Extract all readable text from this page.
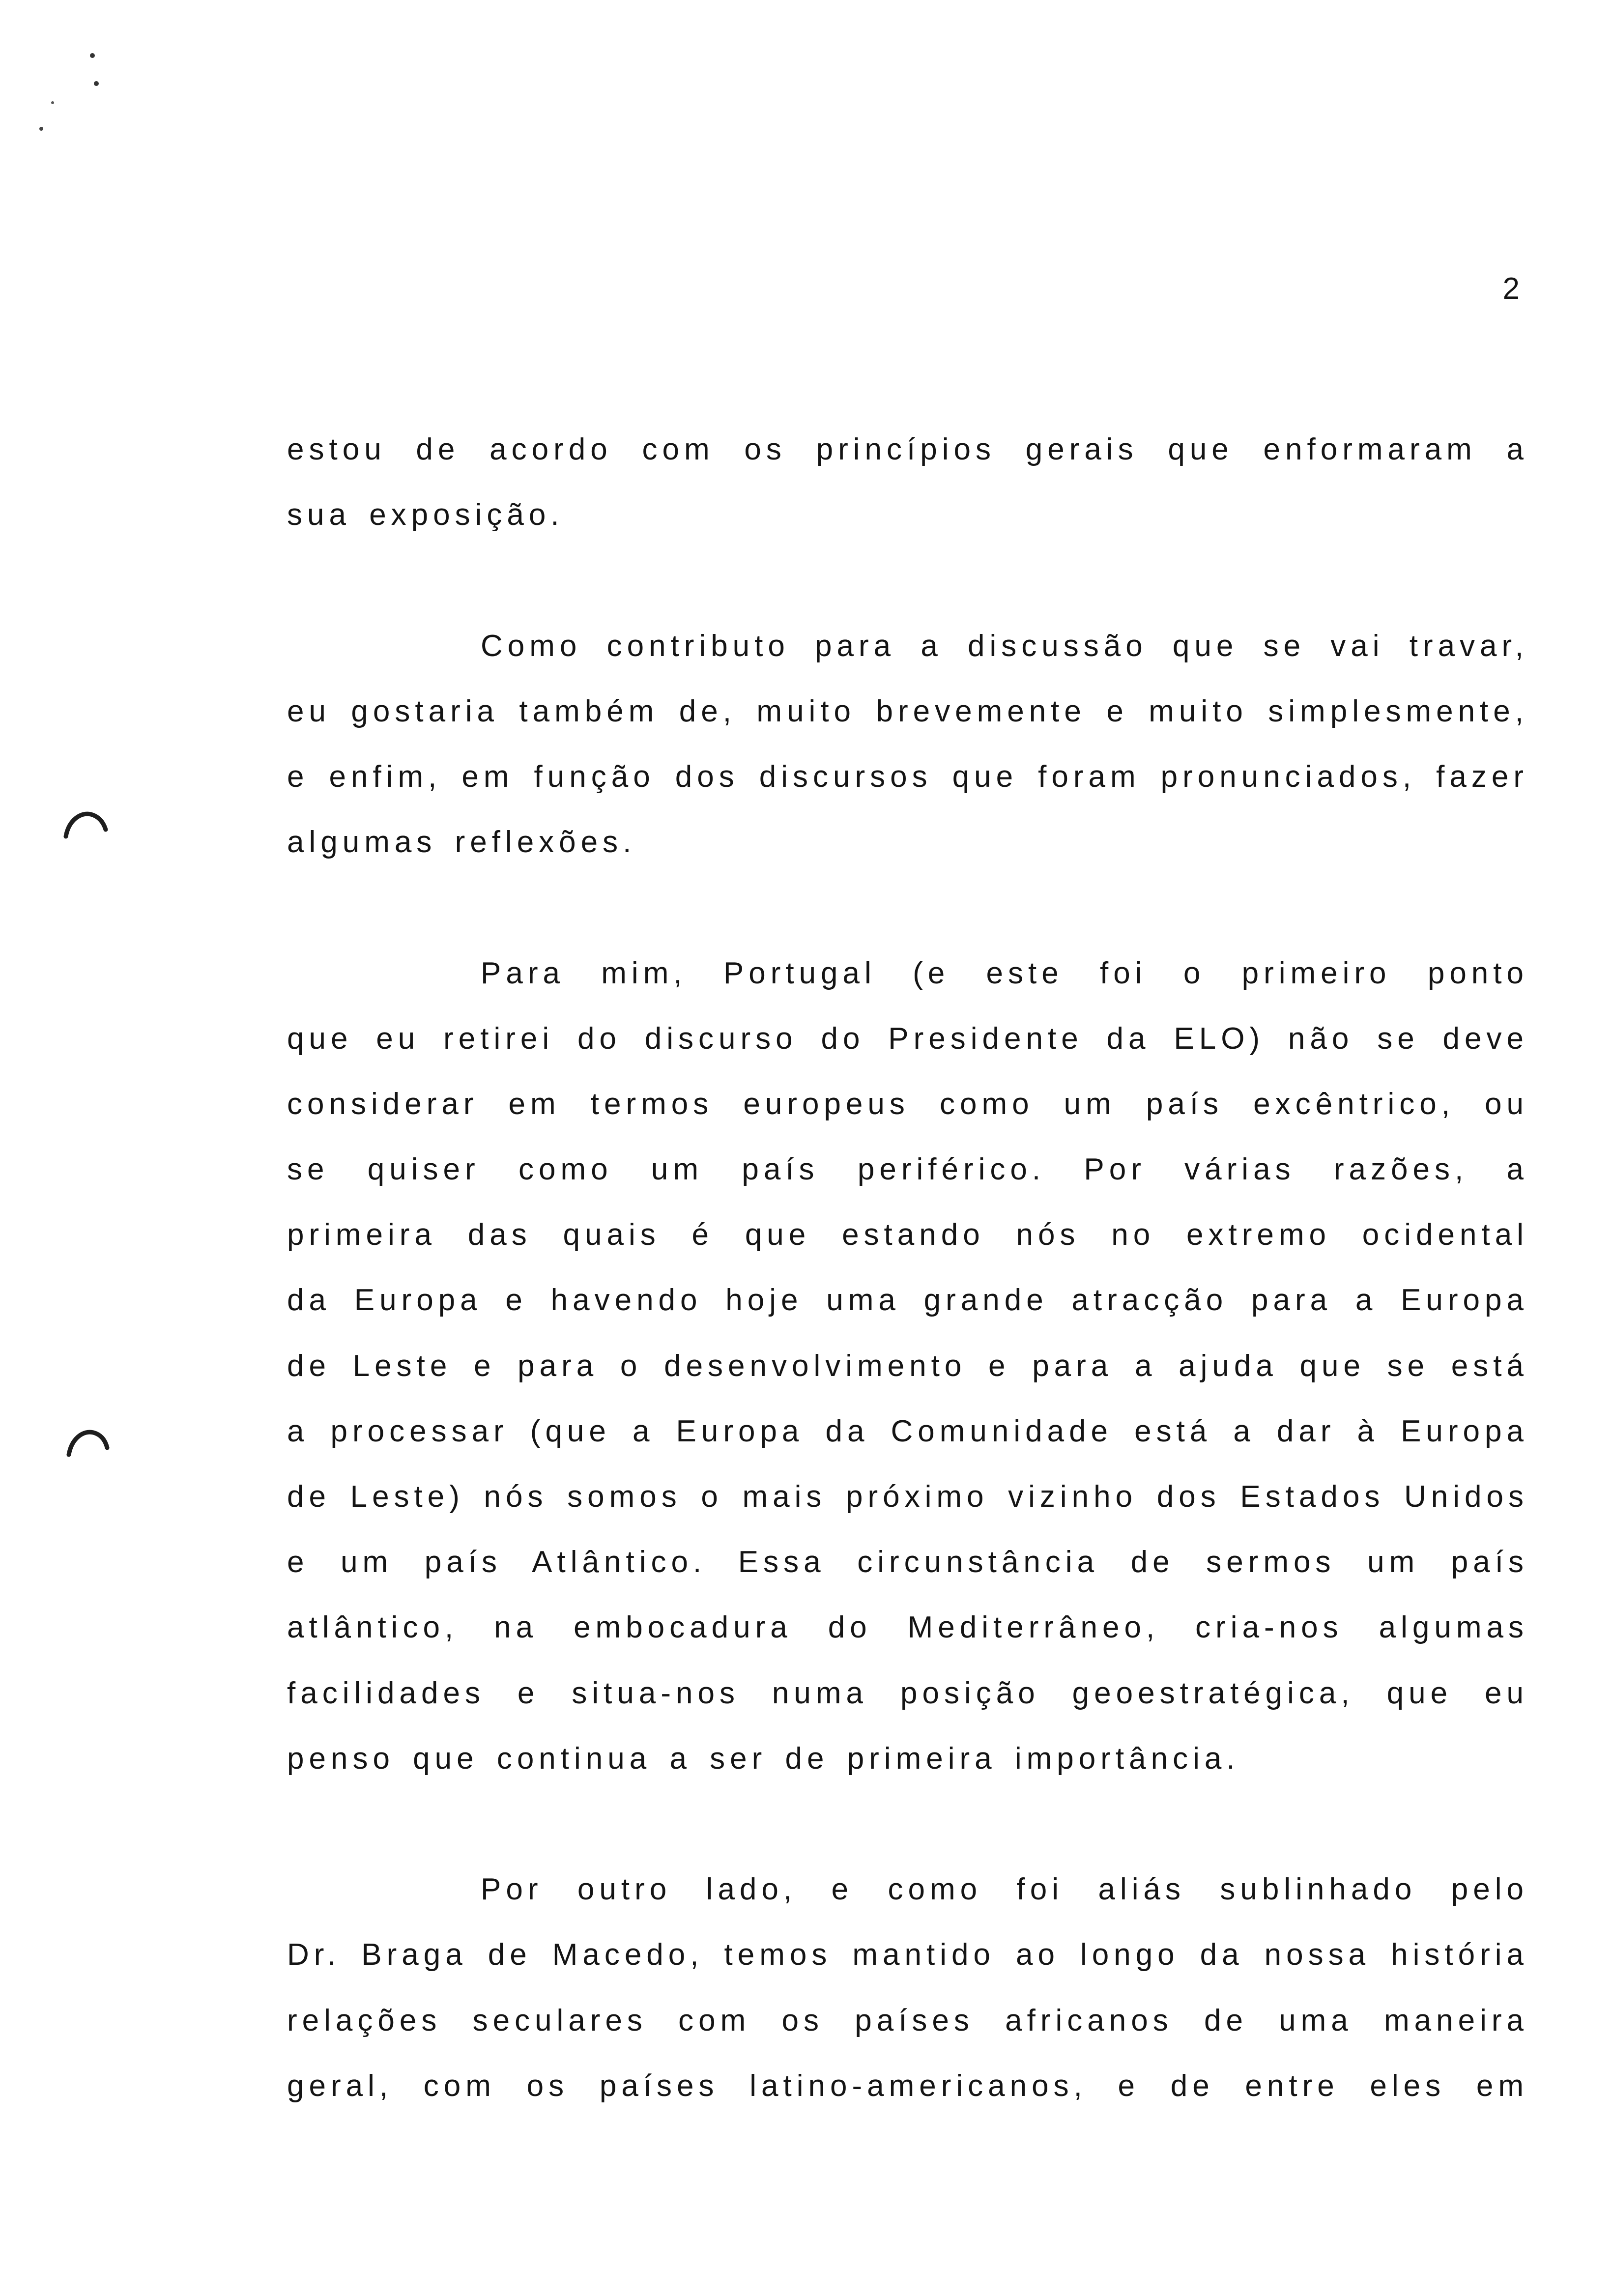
2
estou de acordo com os princípios gerais que enformaram a
sua exposição.
Como contributo para a discussão que se vai travar,
eu gostaria também de, muito brevemente e muito simplesmente,
e enfim, em função dos discursos que foram pronunciados, fazer
algumas reflexões.
Para mim, Portugal (e este foi o primeiro ponto
que eu retirei do discurso do Presidente da ELO) não se deve
considerar em termos europeus como um país excêntrico, ou
se quiser como um país periférico. Por várias razões, a
primeira das quais é que estando nós no extremo ocidental
da Europa e havendo hoje uma grande atracção para a Europa
de Leste e para o desenvolvimento e para a ajuda que se está
a processar (que a Europa da Comunidade está a dar à Europa
de Leste) nós somos o mais próximo vizinho dos Estados Unidos
e um país Atlântico. Essa circunstância de sermos um país
atlântico, na embocadura do Mediterrâneo, cria-nos algumas
facilidades e situa-nos numa posição geoestratégica, que eu
penso que continua a ser de primeira importância.
Por outro lado, e como foi aliás sublinhado pelo
Dr. Braga de Macedo, temos mantido ao longo da nossa história
relações seculares com os países africanos de uma maneira
geral, com os países latino-americanos, e de entre eles em
